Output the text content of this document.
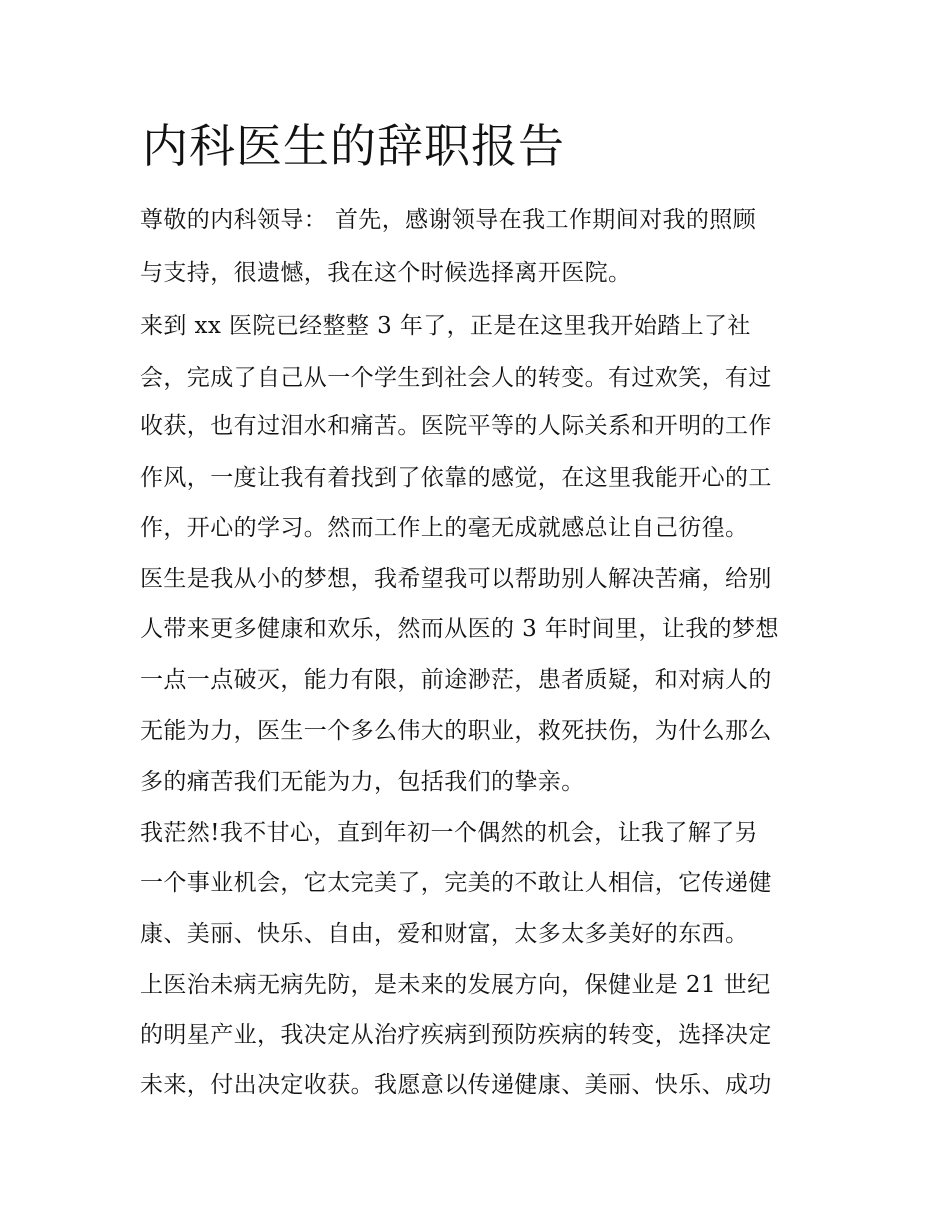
内科医生的辞职报告
尊敬的内科领导： 首先，感谢领导在我工作期间对我的照顾
与支持，很遗憾，我在这个时候选择离开医院。
来到 xx 医院已经整整 3 年了，正是在这里我开始踏上了社
会，完成了自己从一个学生到社会人的转变。有过欢笑，有过
收获，也有过泪水和痛苦。医院平等的人际关系和开明的工作
作风，一度让我有着找到了依靠的感觉，在这里我能开心的工
作，开心的学习。然而工作上的毫无成就感总让自己彷徨。
医生是我从小的梦想，我希望我可以帮助别人解决苦痛，给别
人带来更多健康和欢乐，然而从医的 3 年时间里，让我的梦想
一点一点破灭，能力有限，前途渺茫，患者质疑，和对病人的
无能为力，医生一个多么伟大的职业，救死扶伤，为什么那么
多的痛苦我们无能为力，包括我们的挚亲。
我茫然!我不甘心，直到年初一个偶然的机会，让我了解了另
一个事业机会，它太完美了，完美的不敢让人相信，它传递健
康、美丽、快乐、自由，爱和财富，太多太多美好的东西。
上医治未病无病先防，是未来的发展方向，保健业是 21 世纪
的明星产业，我决定从治疗疾病到预防疾病的转变，选择决定
未来，付出决定收获。我愿意以传递健康、美丽、快乐、成功
